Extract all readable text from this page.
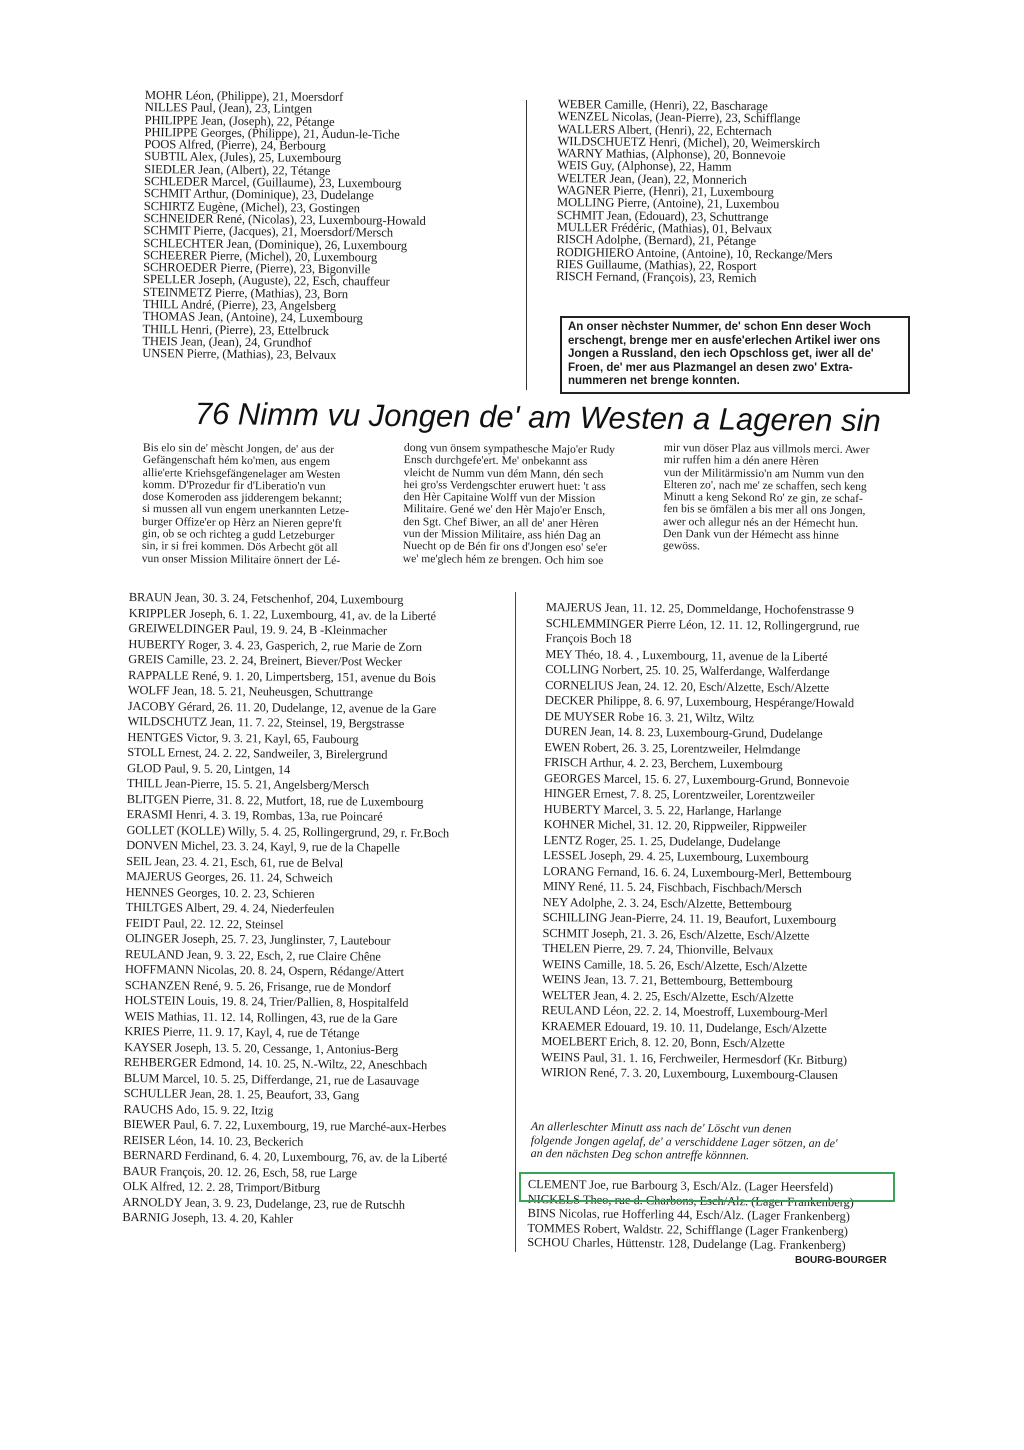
MOHR Léon, (Philippe), 21, Moersdorf
NILLES Paul, (Jean), 23, Lintgen
PHILIPPE Jean, (Joseph), 22, Pétange
PHILIPPE Georges, (Philippe), 21, Audun-le-Tiche
POOS Alfred, (Pierre), 24, Berbourg
SUBTIL Alex, (Jules), 25, Luxembourg
SIEDLER Jean, (Albert), 22, Tétange
SCHLEDER Marcel, (Guillaume), 23, Luxembourg
SCHMIT Arthur, (Dominique), 23, Dudelange
SCHIRTZ Eugène, (Michel), 23, Gostingen
SCHNEIDER René, (Nicolas), 23, Luxembourg-Howald
SCHMIT Pierre, (Jacques), 21, Moersdorf/Mersch
SCHLECHTER Jean, (Dominique), 26, Luxembourg
SCHEERER Pierre, (Michel), 20, Luxembourg
SCHROEDER Pierre, (Pierre), 23, Bigonville
SPELLER Joseph, (Auguste), 22, Esch, chauffeur
STEINMETZ Pierre, (Mathias), 23, Born
THILL André, (Pierre), 23, Angelsberg
THOMAS Jean, (Antoine), 24, Luxembourg
THILL Henri, (Pierre), 23, Ettelbruck
THEIS Jean, (Jean), 24, Grundhof
UNSEN Pierre, (Mathias), 23, Belvaux
WEBER Camille, (Henri), 22, Bascharage
WENZEL Nicolas, (Jean-Pierre), 23, Schifflange
WALLERS Albert, (Henri), 22, Echternach
WILDSCHUETZ Henri, (Michel), 20, Weimerskirch
WARNY Mathias, (Alphonse), 20, Bonnevoie
WEIS Guy, (Alphonse), 22, Hamm
WELTER Jean, (Jean), 22, Monnerich
WAGNER Pierre, (Henri), 21, Luxembourg
MOLLING Pierre, (Antoine), 21, Luxembou
SCHMIT Jean, (Edouard), 23, Schuttrange
MULLER Frédéric, (Mathias), 01, Belvaux
RISCH Adolphe, (Bernard), 21, Pétange
RODIGHIERO Antoine, (Antoine), 10, Reckange/Mers
RIES Guillaume, (Mathias), 22, Rosport
RISCH Fernand, (François), 23, Remich
An onser nèchster Nummer, de' schon Enn deser Woch
erschengt, brenge mer en ausfe'erlechen Artikel iwer ons
Jongen a Russland, den iech Opschloss get, iwer all de'
Froen, de' mer aus Plazmangel an desen zwo' Extra-
nummeren net brenge konnten.
76 Nimm vu Jongen de' am Westen a Lageren sin
Bis elo sin de' mèscht Jongen, de' aus der
Gefängenschaft hém ko'men, aus engem
allie'erte Kriehsgefängenelager am Westen
komm. D'Prozedur fir d'Liberatio'n vun
dose Komeroden ass jidderengem bekannt;
si mussen all vun engem unerkannten Letze-
burger Offize'er op Hèrz an Nieren gepre'ft
gin, ob se och richteg a gudd Letzeburger
sin, ir si frei kommen. Dös Arbecht göt all
vun onser Mission Militaire önnert der Lé-
dong vun önsem sympathesche Majo'er Rudy
Ensch durchgefe'ert. Me' onbekannt ass
vleicht de Numm vun dém Mann, dén sech
hei gro'ss Verdengschter eruwert huet: 't ass
den Hèr Capitaine Wolff vun der Mission
Militaire. Gené we' den Hèr Majo'er Ensch,
den Sgt. Chef Biwer, an all de' aner Hèren
vun der Mission Militaire, ass hién Dag an
Nuecht op de Bén fir ons d'Jongen eso' se'er
we' me'glech hém ze brengen. Och him soe
mir vun döser Plaz aus villmols merci. Awer
mir ruffen him a dén anere Hèren
vun der Militärmissio'n am Numm vun den
Elteren zo', nach me' ze schaffen, sech keng
Minutt a keng Sekond Ro' ze gin, ze schaf-
fen bis se ömfälen a bis mer all ons Jongen,
awer och allegur nés an der Hémecht hun.
Den Dank vun der Hémecht ass hinne
gewöss.
BRAUN Jean, 30. 3. 24, Fetschenhof, 204, Luxembourg
KRIPPLER Joseph, 6. 1. 22, Luxembourg, 41, av. de la Liberté
GREIWELDINGER Paul, 19. 9. 24, B -Kleinmacher
HUBERTY Roger, 3. 4. 23, Gasperich, 2, rue Marie de Zorn
GREIS Camille, 23. 2. 24, Breinert, Biever/Post Wecker
RAPPALLE René, 9. 1. 20, Limpertsberg, 151, avenue du Bois
WOLFF Jean, 18. 5. 21, Neuheusgen, Schuttrange
JACOBY Gérard, 26. 11. 20, Dudelange, 12, avenue de la Gare
WILDSCHUTZ Jean, 11. 7. 22, Steinsel, 19, Bergstrasse
HENTGES Victor, 9. 3. 21, Kayl, 65, Faubourg
STOLL Ernest, 24. 2. 22, Sandweiler, 3, Birelergrund
GLOD Paul, 9. 5. 20, Lintgen, 14
THILL Jean-Pierre, 15. 5. 21, Angelsberg/Mersch
BLITGEN Pierre, 31. 8. 22, Mutfort, 18, rue de Luxembourg
ERASMI Henri, 4. 3. 19, Rombas, 13a, rue Poincaré
GOLLET (KOLLE) Willy, 5. 4. 25, Rollingergrund, 29, r. Fr.Boch
DONVEN Michel, 23. 3. 24, Kayl, 9, rue de la Chapelle
SEIL Jean, 23. 4. 21, Esch, 61, rue de Belval
MAJERUS Georges, 26. 11. 24, Schweich
HENNES Georges, 10. 2. 23, Schieren
THILTGES Albert, 29. 4. 24, Niederfeulen
FEIDT Paul, 22. 12. 22, Steinsel
OLINGER Joseph, 25. 7. 23, Junglinster, 7, Lautebour
REULAND Jean, 9. 3. 22, Esch, 2, rue Claire Chêne
HOFFMANN Nicolas, 20. 8. 24, Ospern, Rédange/Attert
SCHANZEN René, 9. 5. 26, Frisange, rue de Mondorf
HOLSTEIN Louis, 19. 8. 24, Trier/Pallien, 8, Hospitalfeld
WEIS Mathias, 11. 12. 14, Rollingen, 43, rue de la Gare
KRIES Pierre, 11. 9. 17, Kayl, 4, rue de Tétange
KAYSER Joseph, 13. 5. 20, Cessange, 1, Antonius-Berg
REHBERGER Edmond, 14. 10. 25, N.-Wiltz, 22, Aneschbach
BLUM Marcel, 10. 5. 25, Differdange, 21, rue de Lasauvage
SCHULLER Jean, 28. 1. 25, Beaufort, 33, Gang
RAUCHS Ado, 15. 9. 22, Itzig
BIEWER Paul, 6. 7. 22, Luxembourg, 19, rue Marché-aux-Herbes
REISER Léon, 14. 10. 23, Beckerich
BERNARD Ferdinand, 6. 4. 20, Luxembourg, 76, av. de la Liberté
BAUR François, 20. 12. 26, Esch, 58, rue Large
OLK Alfred, 12. 2. 28, Trimport/Bitburg
ARNOLDY Jean, 3. 9. 23, Dudelange, 23, rue de Rutschh
BARNIG Joseph, 13. 4. 20, Kahler
MAJERUS Jean, 11. 12. 25, Dommeldange, Hochofenstrasse 9
SCHLEMMINGER Pierre Léon, 12. 11. 12, Rollingergrund, rue
François Boch 18
MEY Théo, 18. 4. , Luxembourg, 11, avenue de la Liberté
COLLING Norbert, 25. 10. 25, Walferdange, Walferdange
CORNELIUS Jean, 24. 12. 20, Esch/Alzette, Esch/Alzette
DECKER Philippe, 8. 6. 97, Luxembourg, Hespérange/Howald
DE MUYSER Robe 16. 3. 21, Wiltz, Wiltz
DUREN Jean, 14. 8. 23, Luxembourg-Grund, Dudelange
EWEN Robert, 26. 3. 25, Lorentzweiler, Helmdange
FRISCH Arthur, 4. 2. 23, Berchem, Luxembourg
GEORGES Marcel, 15. 6. 27, Luxembourg-Grund, Bonnevoie
HINGER Ernest, 7. 8. 25, Lorentzweiler, Lorentzweiler
HUBERTY Marcel, 3. 5. 22, Harlange, Harlange
KOHNER Michel, 31. 12. 20, Rippweiler, Rippweiler
LENTZ Roger, 25. 1. 25, Dudelange, Dudelange
LESSEL Joseph, 29. 4. 25, Luxembourg, Luxembourg
LORANG Fernand, 16. 6. 24, Luxembourg-Merl, Bettembourg
MINY René, 11. 5. 24, Fischbach, Fischbach/Mersch
NEY Adolphe, 2. 3. 24, Esch/Alzette, Bettembourg
SCHILLING Jean-Pierre, 24. 11. 19, Beaufort, Luxembourg
SCHMIT Joseph, 21. 3. 26, Esch/Alzette, Esch/Alzette
THELEN Pierre, 29. 7. 24, Thionville, Belvaux
WEINS Camille, 18. 5. 26, Esch/Alzette, Esch/Alzette
WEINS Jean, 13. 7. 21, Bettembourg, Bettembourg
WELTER Jean, 4. 2. 25, Esch/Alzette, Esch/Alzette
REULAND Léon, 22. 2. 14, Moestroff, Luxembourg-Merl
KRAEMER Edouard, 19. 10. 11, Dudelange, Esch/Alzette
MOELBERT Erich, 8. 12. 20, Bonn, Esch/Alzette
WEINS Paul, 31. 1. 16, Ferchweiler, Hermesdorf (Kr. Bitburg)
WIRION René, 7. 3. 20, Luxembourg, Luxembourg-Clausen
An allerleschter Minutt ass nach de' Löscht vun denen
folgende Jongen agelaf, de' a verschiddene Lager sötzen, an de'
an den nächsten Deg schon antreffe könnnen.
CLEMENT Joe, rue Barbourg 3, Esch/Alz. (Lager Heersfeld)
NICKELS Theo, rue d. Charbons, Esch/Alz. (Lager Frankenberg)
BINS Nicolas, rue Hofferling 44, Esch/Alz. (Lager Frankenberg)
TOMMES Robert, Waldstr. 22, Schifflange (Lager Frankenberg)
SCHOU Charles, Hüttenstr. 128, Dudelange (Lag. Frankenberg)
BOURG-BOURGER
